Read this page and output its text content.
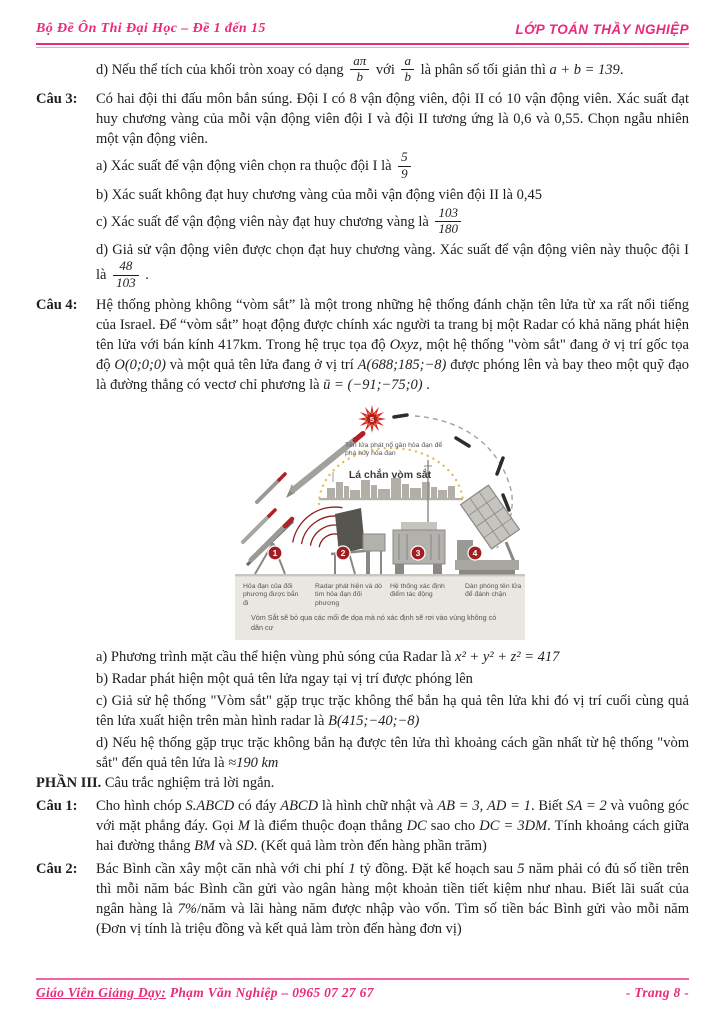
Bộ Đề Ôn Thi Đại Học – Đề 1 đến 15	LỚP TOÁN THẦY NGHIỆP
d) Nếu thể tích của khối tròn xoay có dạng $\frac{a\pi}{b}$ với $\frac{a}{b}$ là phân số tối giản thì a + b = 139.
Câu 3:	Có hai đội thi đấu môn bắn súng. Đội I có 8 vận động viên, đội II có 10 vận động viên. Xác suất đạt huy chương vàng của mỗi vận động viên đội I và đội II tương ứng là 0,6 và 0,55. Chọn ngẫu nhiên một vận động viên.
a) Xác suất để vận động viên chọn ra thuộc đội I là $\frac{5}{9}$
b) Xác suất không đạt huy chương vàng của mỗi vận động viên đội II là 0,45
c) Xác suất để vận động viên này đạt huy chương vàng là $\frac{103}{180}$
d) Giả sử vận động viên được chọn đạt huy chương vàng. Xác suất để vận động viên này thuộc đội I là $\frac{48}{103}$ .
Câu 4:	Hệ thống phòng không “vòm sắt” là một trong những hệ thống đánh chặn tên lửa từ xa rất nổi tiếng của Israel. Để “vòm sắt” hoạt động được chính xác người ta trang bị một Radar có khả năng phát hiện tên lửa với bán kính 417km. Trong hệ trục tọa độ Oxyz, một hệ thống "vòm sắt" đang ở vị trí gốc tọa độ O(0;0;0) và một quả tên lửa đang ở vị trí A(688;185;−8) được phóng lên và bay theo một quỹ đạo là đường thẳng có vectơ chỉ phương là ū = (−91;−75;0) .
5
1	2	3	4
Tên lửa phát nổ gần hỏa đạn để phá hủy hỏa đạn
Lá chắn vòm sắt
Hỏa đạn của đối phương được bắn đi
Radar phát hiện và dò tìm hỏa đạn đối phương
Hệ thống xác định điểm tác động
Dàn phóng tên lửa để đánh chặn
Vòm Sắt sẽ bỏ qua các mối đe dọa mà nó xác định sẽ rơi vào vùng không có dân cư
a) Phương trình mặt cầu thể hiện vùng phủ sóng của Radar là x² + y² + z² = 417
b) Radar phát hiện một quả tên lửa ngay tại vị trí được phóng lên
c) Giả sử hệ thống "Vòm sắt" gặp trục trặc không thể bắn hạ quả tên lửa khi đó vị trí cuối cùng quả tên lửa xuất hiện trên màn hình radar là B(415;−40;−8)
d) Nếu hệ thống gặp trục trặc không bắn hạ được tên lửa thì khoảng cách gần nhất từ hệ thống "vòm sắt" đến quả tên lửa là ≈190 km
PHẦN III. Câu trắc nghiệm trả lời ngắn.
Câu 1:	Cho hình chóp S.ABCD có đáy ABCD là hình chữ nhật và AB = 3, AD = 1. Biết SA = 2 và vuông góc với mặt phẳng đáy. Gọi M là điểm thuộc đoạn thẳng DC sao cho DC = 3DM. Tính khoảng cách giữa hai đường thẳng BM và SD. (Kết quả làm tròn đến hàng phần trăm)
Câu 2:	Bác Bình cần xây một căn nhà với chi phí 1 tỷ đồng. Đặt kế hoạch sau 5 năm phải có đủ số tiền trên thì mỗi năm bác Bình cần gửi vào ngân hàng một khoản tiền tiết kiệm như nhau. Biết lãi suất của ngân hàng là 7%/năm và lãi hàng năm được nhập vào vốn. Tìm số tiền bác Bình gửi vào mỗi năm (Đơn vị tính là triệu đồng và kết quả làm tròn đến hàng đơn vị)
Giáo Viên Giảng Dạy: Phạm Văn Nghiệp – 0965 07 27 67	- Trang 8 -
